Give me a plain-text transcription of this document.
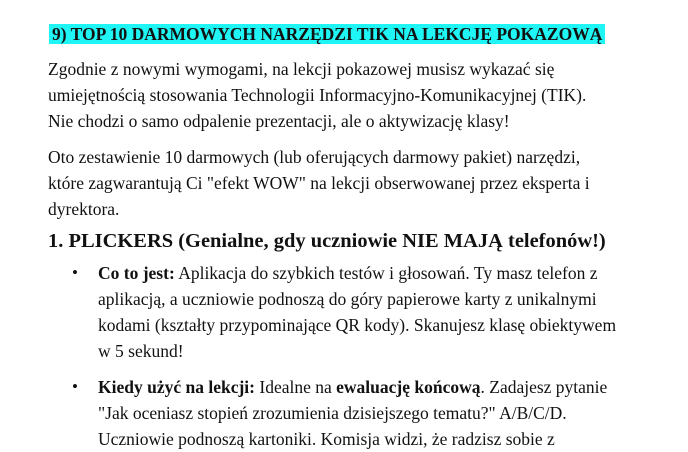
9) TOP 10 DARMOWYCH NARZĘDZI TIK NA LEKCJĘ POKAZOWĄ

Zgodnie z nowymi wymogami, na lekcji pokazowej musisz wykazać się
umiejętnością stosowania Technologii Informacyjno-Komunikacyjnej (TIK).
Nie chodzi o samo odpalenie prezentacji, ale o aktywizację klasy!

Oto zestawienie 10 darmowych (lub oferujących darmowy pakiet) narzędzi,
które zagwarantują Ci "efekt WOW" na lekcji obserwowanej przez eksperta i
dyrektora.

1. PLICKERS (Genialne, gdy uczniowie NIE MAJĄ telefonów!)
• Co to jest: Aplikacja do szybkich testów i głosowań. Ty masz telefon z
aplikacją, a uczniowie podnoszą do góry papierowe karty z unikalnymi
kodami (kształty przypominające QR kody). Skanujesz klasę obiektywem
w 5 sekund!
• Kiedy użyć na lekcji: Idealne na ewaluację końcową. Zadajesz pytanie
"Jak oceniasz stopień zrozumienia dzisiejszego tematu?" A/B/C/D.
Uczniowie podnoszą kartoniki. Komisja widzi, że radzisz sobie z
